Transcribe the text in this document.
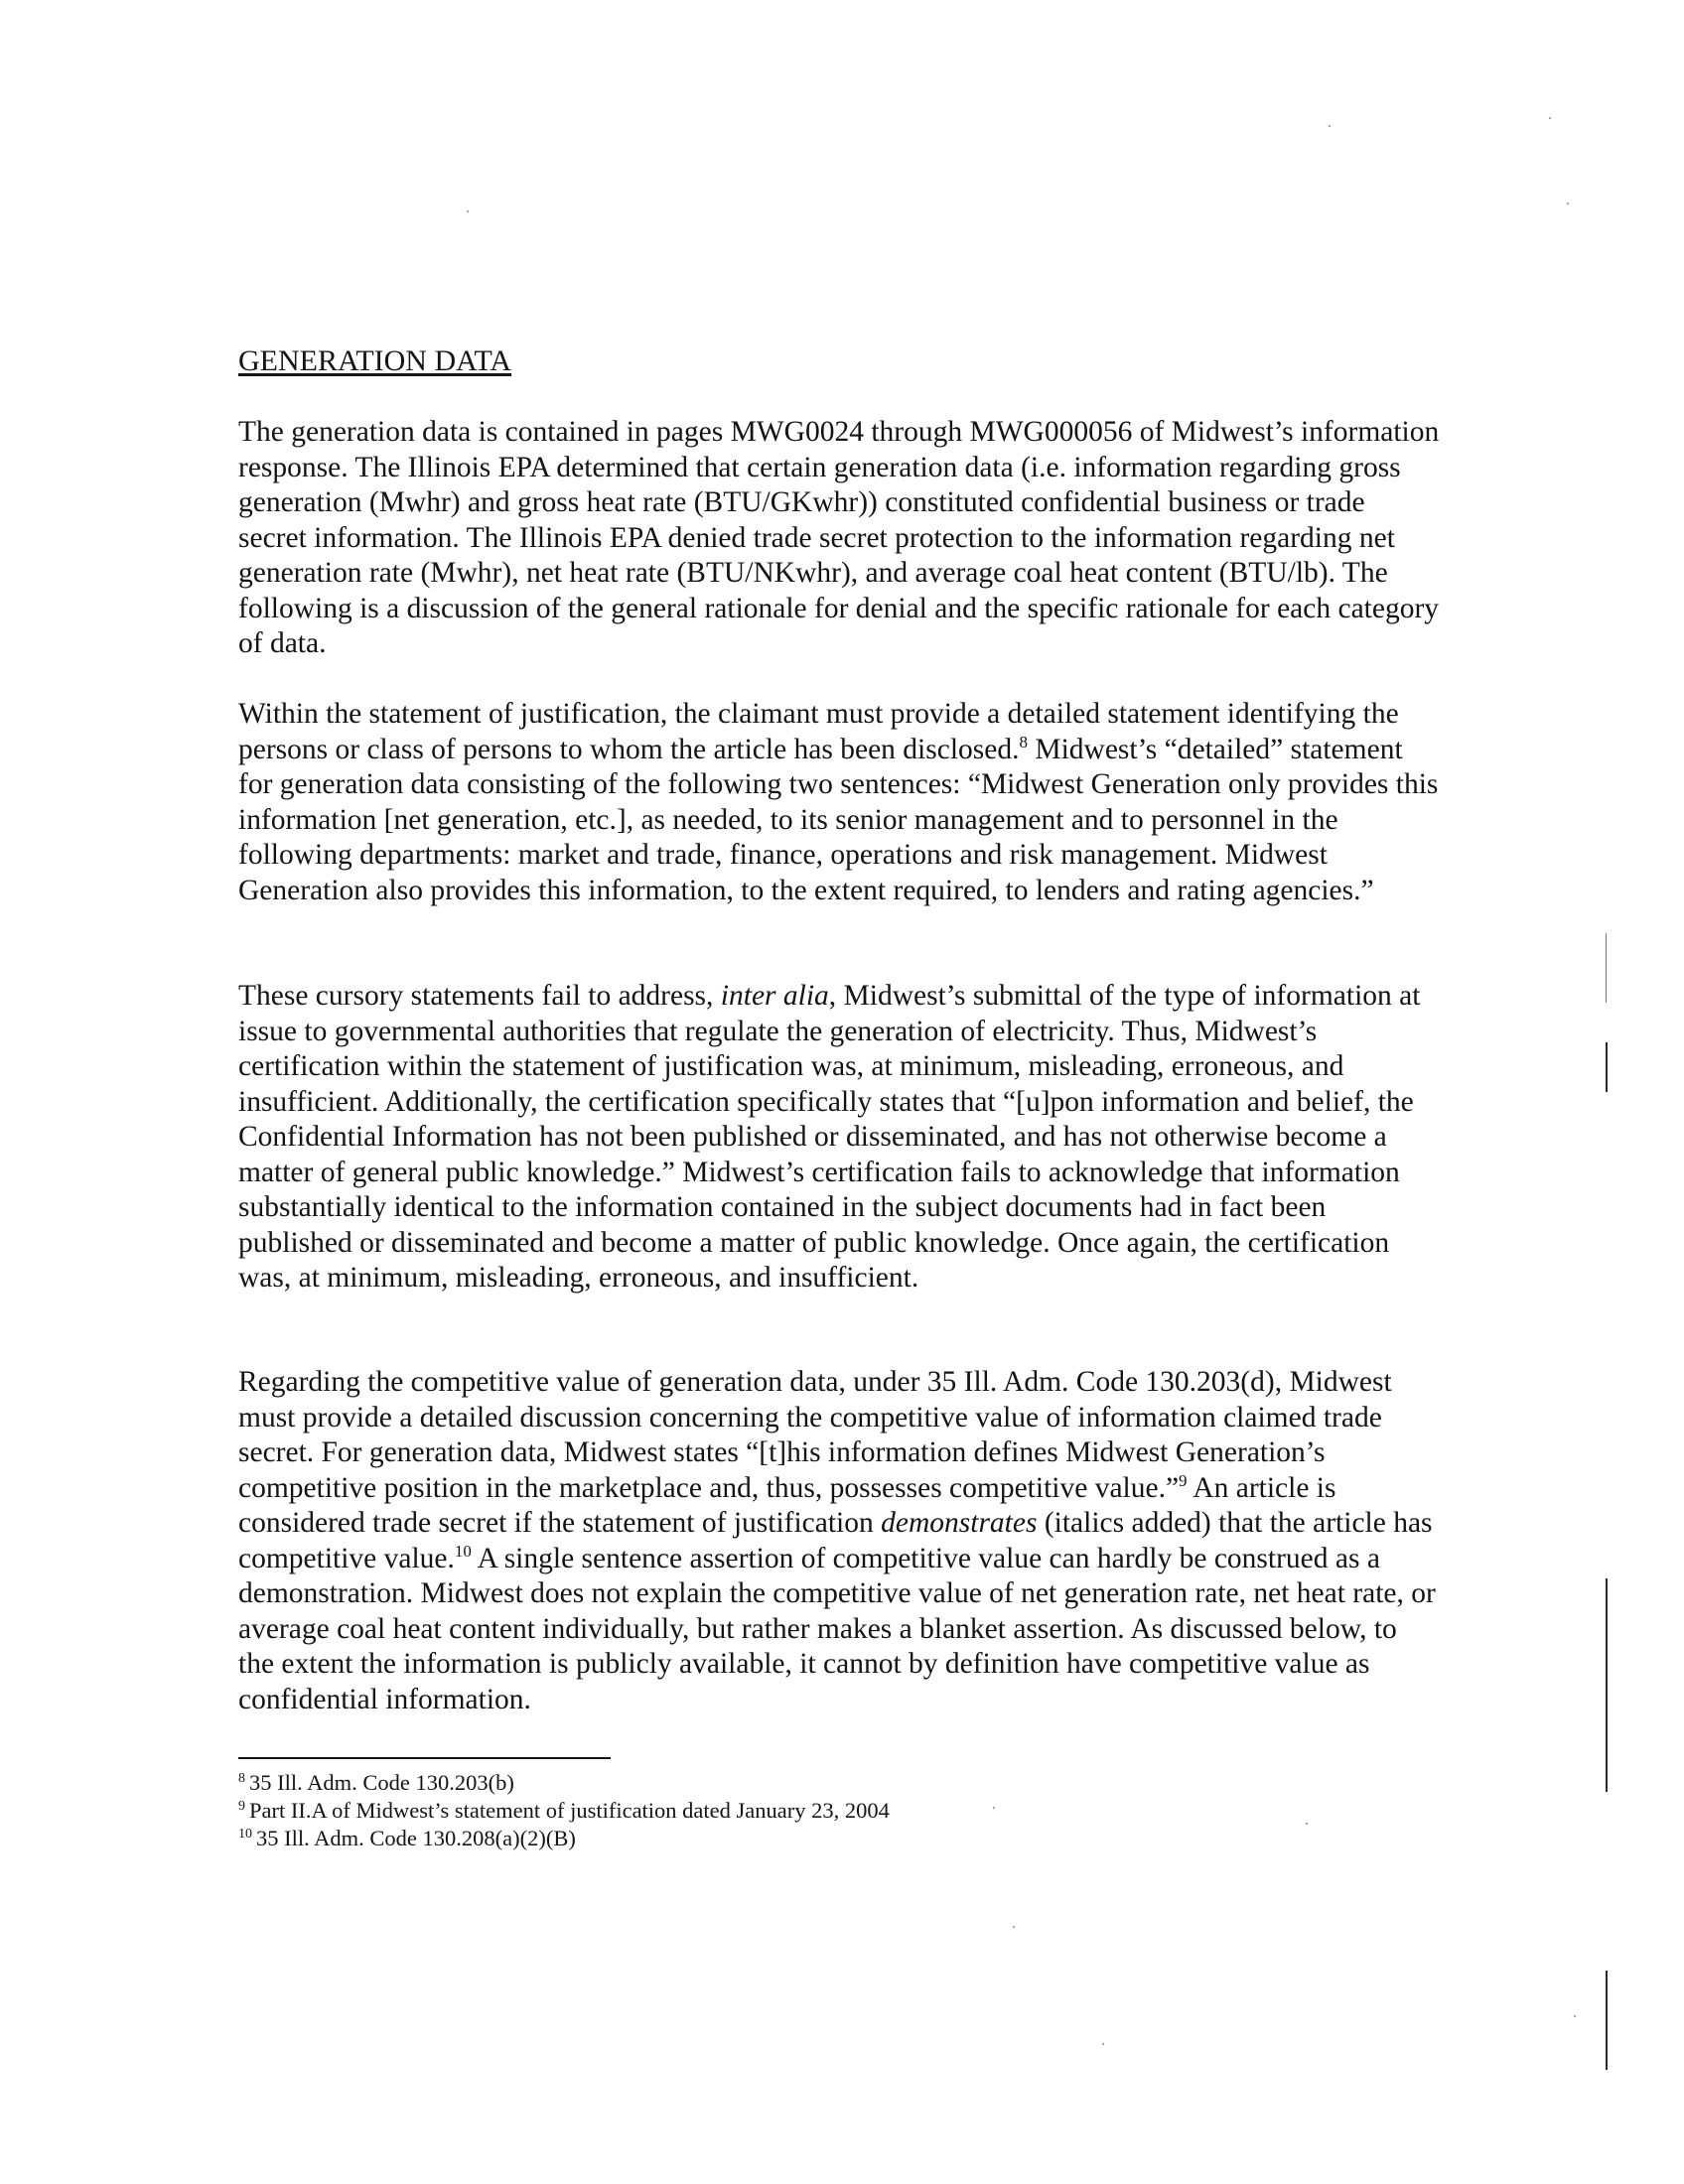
GENERATION DATA

The generation data is contained in pages MWG0024 through MWG000056 of Midwest’s information response. The Illinois EPA determined that certain generation data (i.e. information regarding gross generation (Mwhr) and gross heat rate (BTU/GKwhr)) constituted confidential business or trade secret information. The Illinois EPA denied trade secret protection to the information regarding net generation rate (Mwhr), net heat rate (BTU/NKwhr), and average coal heat content (BTU/lb). The following is a discussion of the general rationale for denial and the specific rationale for each category of data.

Within the statement of justification, the claimant must provide a detailed statement identifying the persons or class of persons to whom the article has been disclosed.$^8$ Midwest’s “detailed” statement for generation data consisting of the following two sentences: “Midwest Generation only provides this information [net generation, etc.], as needed, to its senior management and to personnel in the following departments: market and trade, finance, operations and risk management. Midwest Generation also provides this information, to the extent required, to lenders and rating agencies.”

These cursory statements fail to address, inter alia, Midwest’s submittal of the type of information at issue to governmental authorities that regulate the generation of electricity. Thus, Midwest’s certification within the statement of justification was, at minimum, misleading, erroneous, and insufficient. Additionally, the certification specifically states that “[u]pon information and belief, the Confidential Information has not been published or disseminated, and has not otherwise become a matter of general public knowledge.” Midwest’s certification fails to acknowledge that information substantially identical to the information contained in the subject documents had in fact been published or disseminated and become a matter of public knowledge. Once again, the certification was, at minimum, misleading, erroneous, and insufficient.

Regarding the competitive value of generation data, under 35 Ill. Adm. Code 130.203(d), Midwest must provide a detailed discussion concerning the competitive value of information claimed trade secret. For generation data, Midwest states “[t]his information defines Midwest Generation’s competitive position in the marketplace and, thus, possesses competitive value.”$^9$ An article is considered trade secret if the statement of justification demonstrates (italics added) that the article has competitive value.$^{10}$ A single sentence assertion of competitive value can hardly be construed as a demonstration. Midwest does not explain the competitive value of net generation rate, net heat rate, or average coal heat content individually, but rather makes a blanket assertion. As discussed below, to the extent the information is publicly available, it cannot by definition have competitive value as confidential information.

$^8$ 35 Ill. Adm. Code 130.203(b)
$^9$ Part II.A of Midwest’s statement of justification dated January 23, 2004
$^{10}$ 35 Ill. Adm. Code 130.208(a)(2)(B)
